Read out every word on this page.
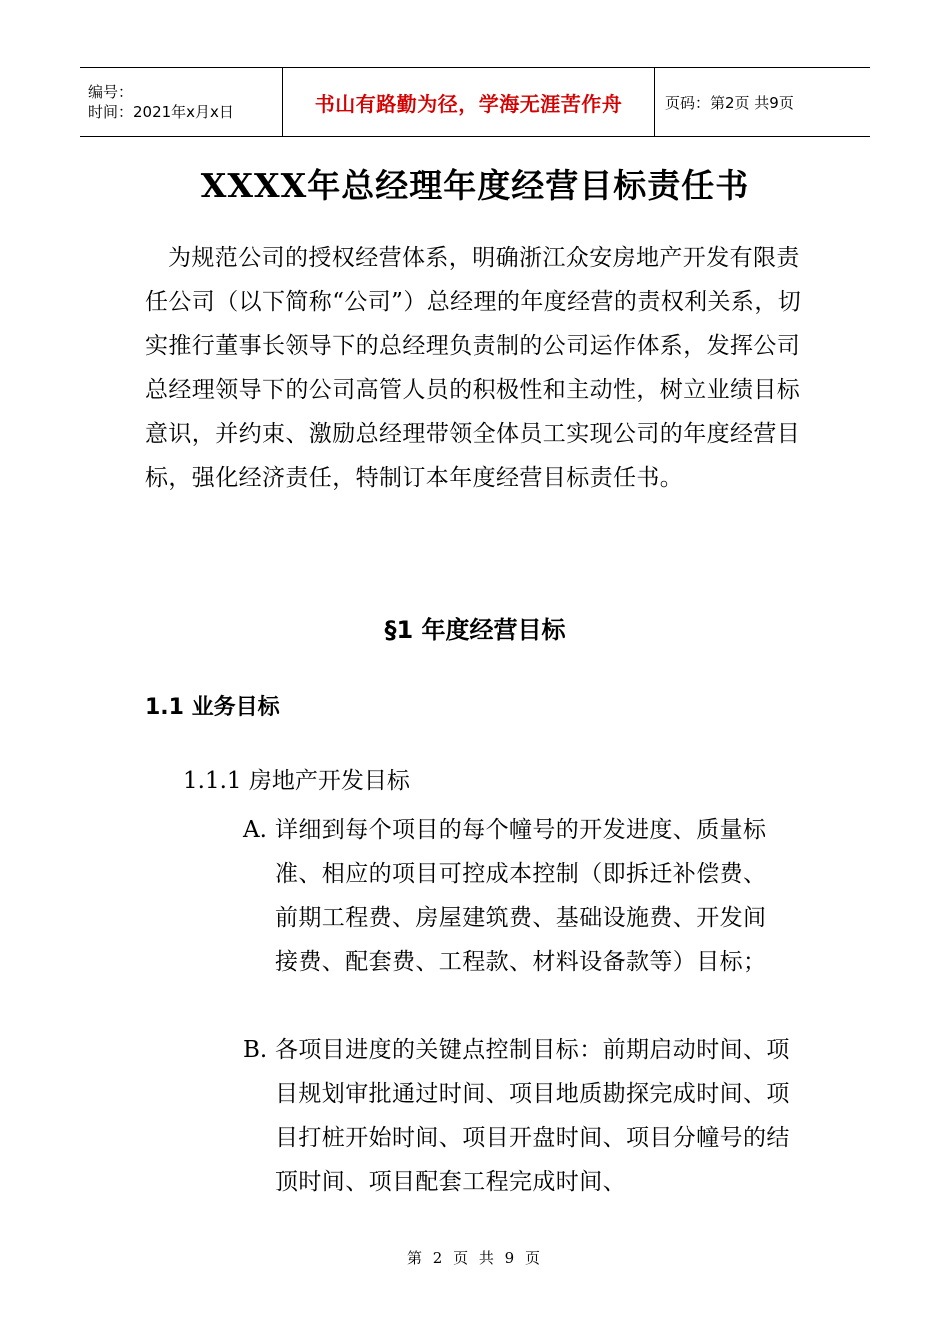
编号：
时间：2021年x月x日	书山有路勤为径，学海无涯苦作舟	页码：第2页 共9页
XXXX年总经理年度经营目标责任书

为规范公司的授权经营体系，明确浙江众安房地产开发有限责任公司（以下简称“公司”）总经理的年度经营的责权利关系，切实推行董事长领导下的总经理负责制的公司运作体系，发挥公司总经理领导下的公司高管人员的积极性和主动性，树立业绩目标意识，并约束、激励总经理带领全体员工实现公司的年度经营目标，强化经济责任，特制订本年度经营目标责任书。

§1 年度经营目标
1.1 业务目标
1.1.1 房地产开发目标
A. 详细到每个项目的每个幢号的开发进度、质量标准、相应的项目可控成本控制（即拆迁补偿费、前期工程费、房屋建筑费、基础设施费、开发间接费、配套费、工程款、材料设备款等）目标；
B. 各项目进度的关键点控制目标：前期启动时间、项目规划审批通过时间、项目地质勘探完成时间、项目打桩开始时间、项目开盘时间、项目分幢号的结顶时间、项目配套工程完成时间、
第 2 页 共 9 页
